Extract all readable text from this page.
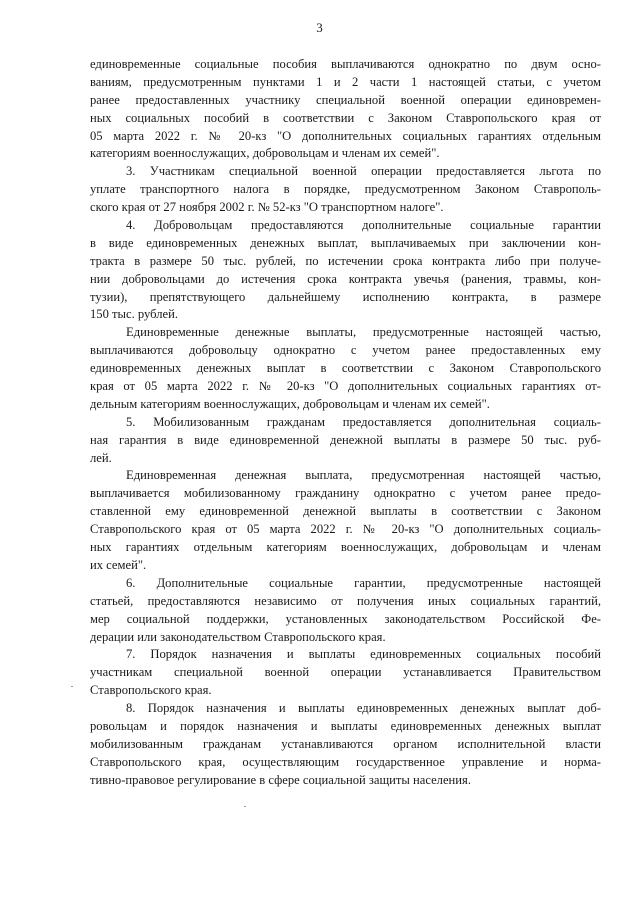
3
единовременные социальные пособия выплачиваются однократно по двум осно-
ваниям, предусмотренным пунктами 1 и 2 части 1 настоящей статьи, с учетом
ранее предоставленных участнику специальной военной операции единовремен-
ных социальных пособий в соответствии с Законом Ставропольского края от
05 марта 2022 г. № 20-кз "О дополнительных социальных гарантиях отдельным
категориям военнослужащих, добровольцам и членам их семей".
3. Участникам специальной военной операции предоставляется льгота по
уплате транспортного налога в порядке, предусмотренном Законом Ставрополь-
ского края от 27 ноября 2002 г. № 52-кз "О транспортном налоге".
4. Добровольцам предоставляются дополнительные социальные гарантии
в виде единовременных денежных выплат, выплачиваемых при заключении кон-
тракта в размере 50 тыс. рублей, по истечении срока контракта либо при получе-
нии добровольцами до истечения срока контракта увечья (ранения, травмы, кон-
тузии), препятствующего дальнейшему исполнению контракта, в размере
150 тыс. рублей.
Единовременные денежные выплаты, предусмотренные настоящей частью,
выплачиваются добровольцу однократно с учетом ранее предоставленных ему
единовременных денежных выплат в соответствии с Законом Ставропольского
края от 05 марта 2022 г. № 20-кз "О дополнительных социальных гарантиях от-
дельным категориям военнослужащих, добровольцам и членам их семей".
5. Мобилизованным гражданам предоставляется дополнительная социаль-
ная гарантия в виде единовременной денежной выплаты в размере 50 тыс. руб-
лей.
Единовременная денежная выплата, предусмотренная настоящей частью,
выплачивается мобилизованному гражданину однократно с учетом ранее предо-
ставленной ему единовременной денежной выплаты в соответствии с Законом
Ставропольского края от 05 марта 2022 г. № 20-кз "О дополнительных социаль-
ных гарантиях отдельным категориям военнослужащих, добровольцам и членам
их семей".
6. Дополнительные социальные гарантии, предусмотренные настоящей
статьей, предоставляются независимо от получения иных социальных гарантий,
мер социальной поддержки, установленных законодательством Российской Фе-
дерации или законодательством Ставропольского края.
7. Порядок назначения и выплаты единовременных социальных пособий
участникам специальной военной операции устанавливается Правительством
Ставропольского края.
8. Порядок назначения и выплаты единовременных денежных выплат доб-
ровольцам и порядок назначения и выплаты единовременных денежных выплат
мобилизованным гражданам устанавливаются органом исполнительной власти
Ставропольского края, осуществляющим государственное управление и норма-
тивно-правовое регулирование в сфере социальной защиты населения.
